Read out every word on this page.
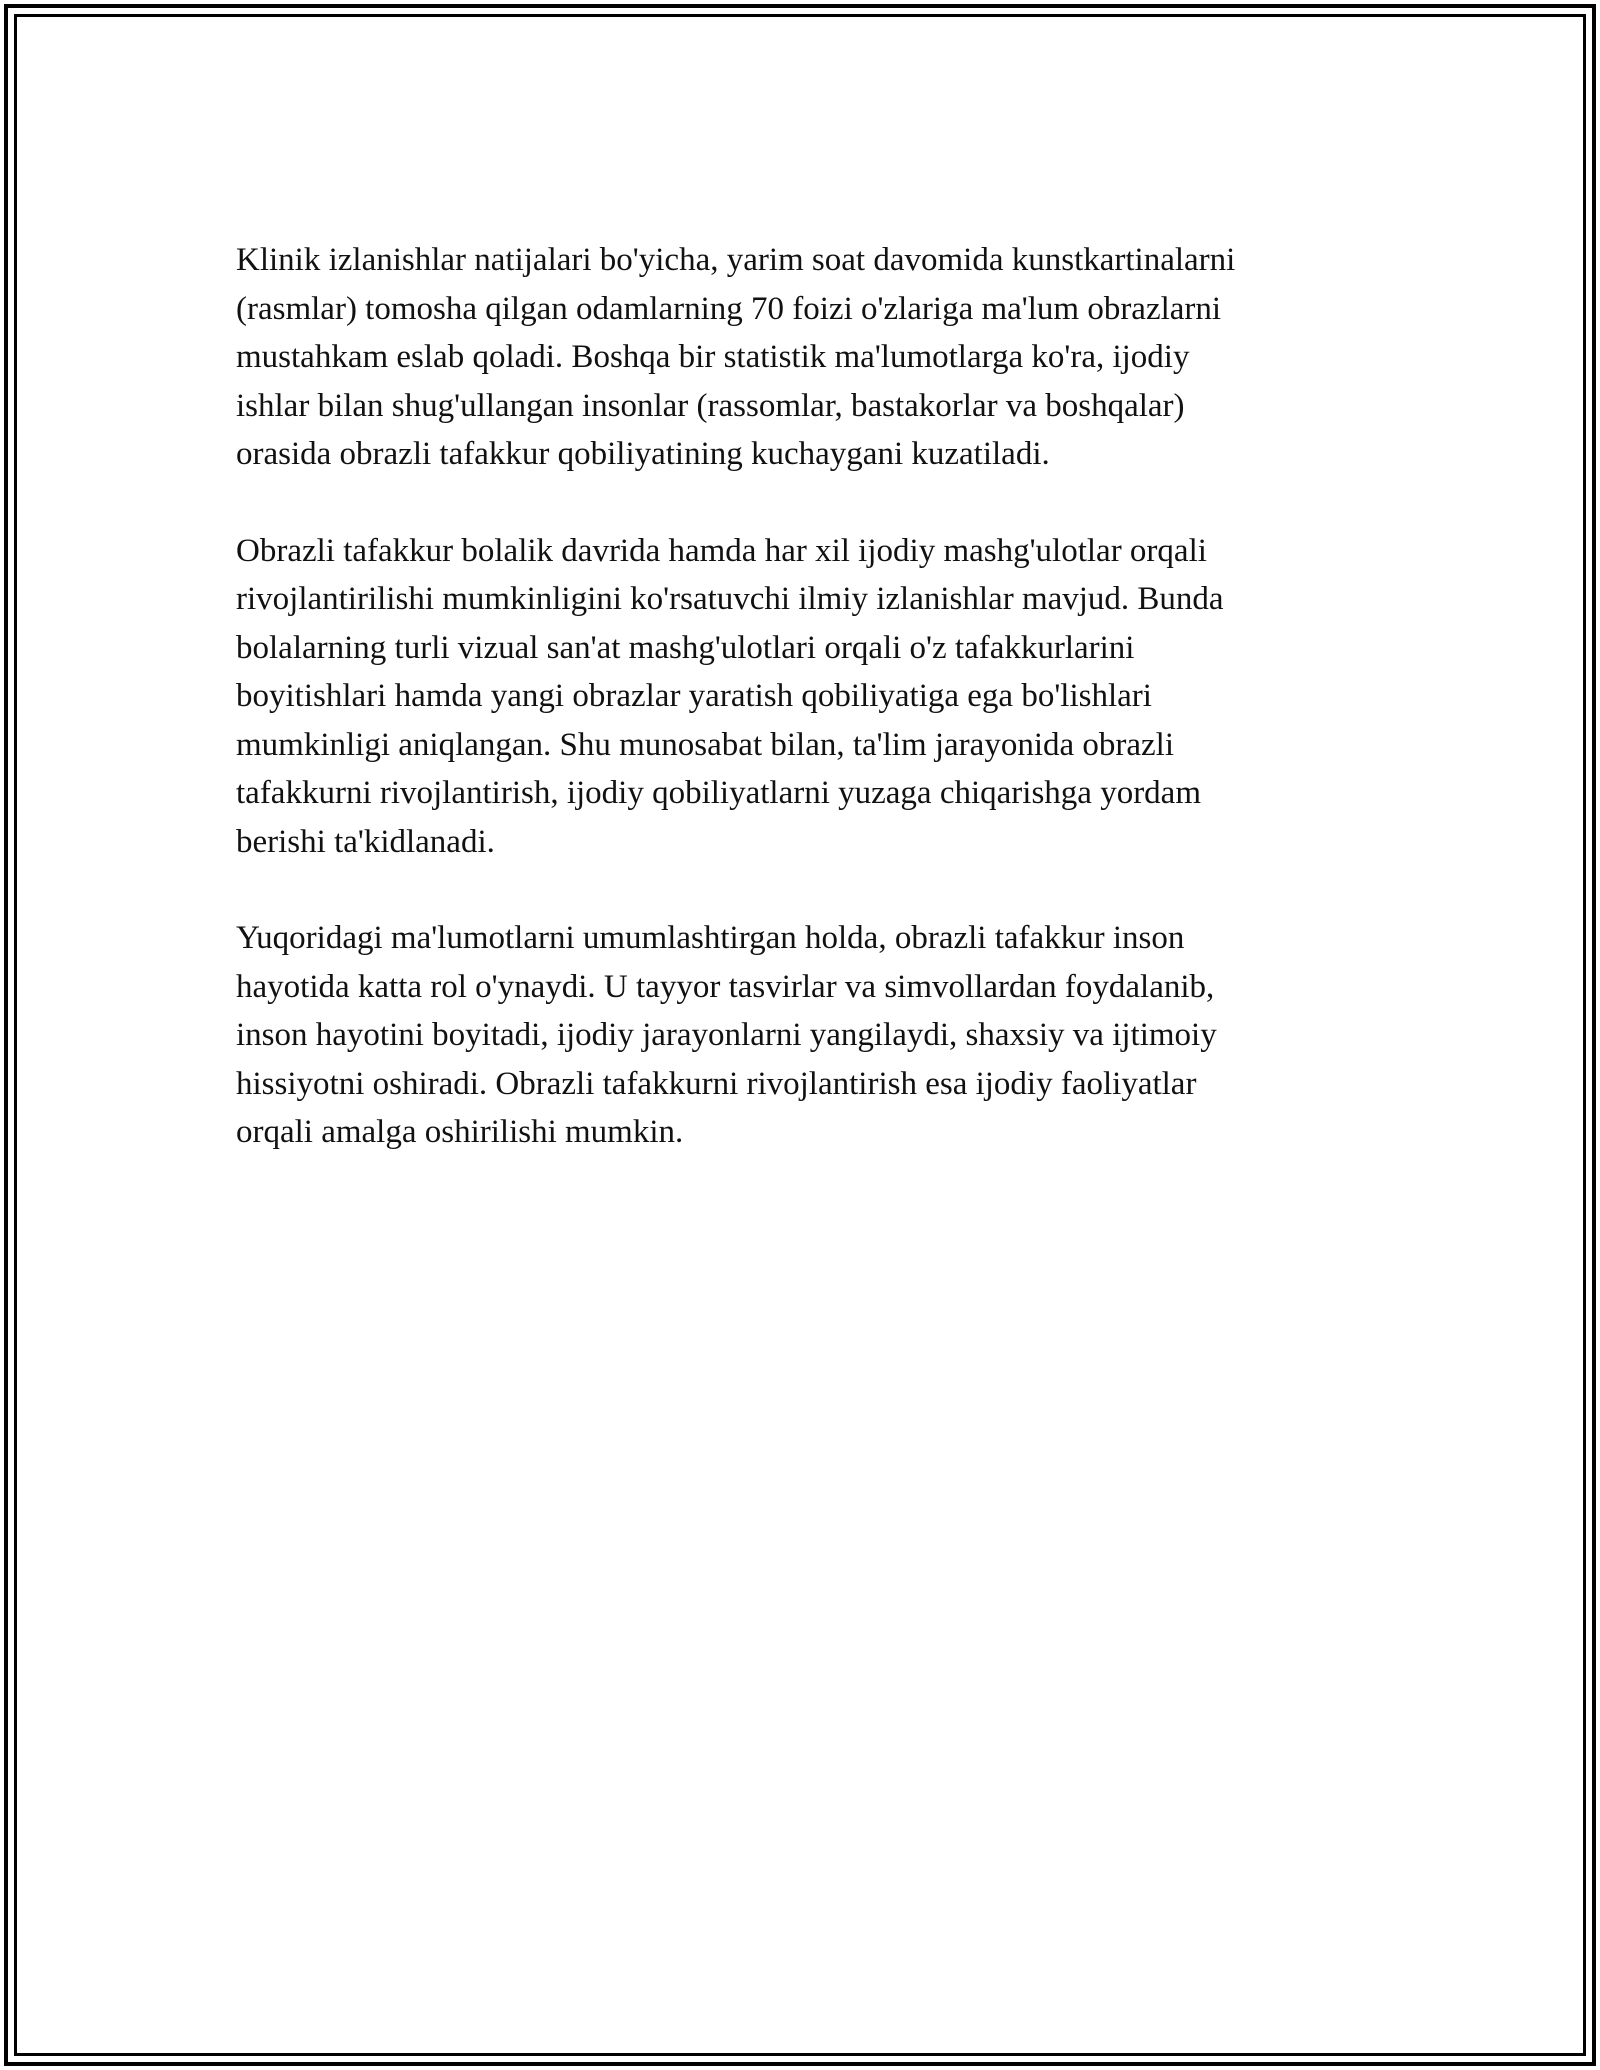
Klinik izlanishlar natijalari bo'yicha, yarim soat davomida kunstkartinalarni
(rasmlar) tomosha qilgan odamlarning 70 foizi o'zlariga ma'lum obrazlarni
mustahkam eslab qoladi. Boshqa bir statistik ma'lumotlarga ko'ra, ijodiy
ishlar bilan shug'ullangan insonlar (rassomlar, bastakorlar va boshqalar)
orasida obrazli tafakkur qobiliyatining kuchaygani kuzatiladi.

Obrazli tafakkur bolalik davrida hamda har xil ijodiy mashg'ulotlar orqali
rivojlantirilishi mumkinligini ko'rsatuvchi ilmiy izlanishlar mavjud. Bunda
bolalarning turli vizual san'at mashg'ulotlari orqali o'z tafakkurlarini
boyitishlari hamda yangi obrazlar yaratish qobiliyatiga ega bo'lishlari
mumkinligi aniqlangan. Shu munosabat bilan, ta'lim jarayonida obrazli
tafakkurni rivojlantirish, ijodiy qobiliyatlarni yuzaga chiqarishga yordam
berishi ta'kidlanadi.

Yuqoridagi ma'lumotlarni umumlashtirgan holda, obrazli tafakkur inson
hayotida katta rol o'ynaydi. U tayyor tasvirlar va simvollardan foydalanib,
inson hayotini boyitadi, ijodiy jarayonlarni yangilaydi, shaxsiy va ijtimoiy
hissiyotni oshiradi. Obrazli tafakkurni rivojlantirish esa ijodiy faoliyatlar
orqali amalga oshirilishi mumkin.
